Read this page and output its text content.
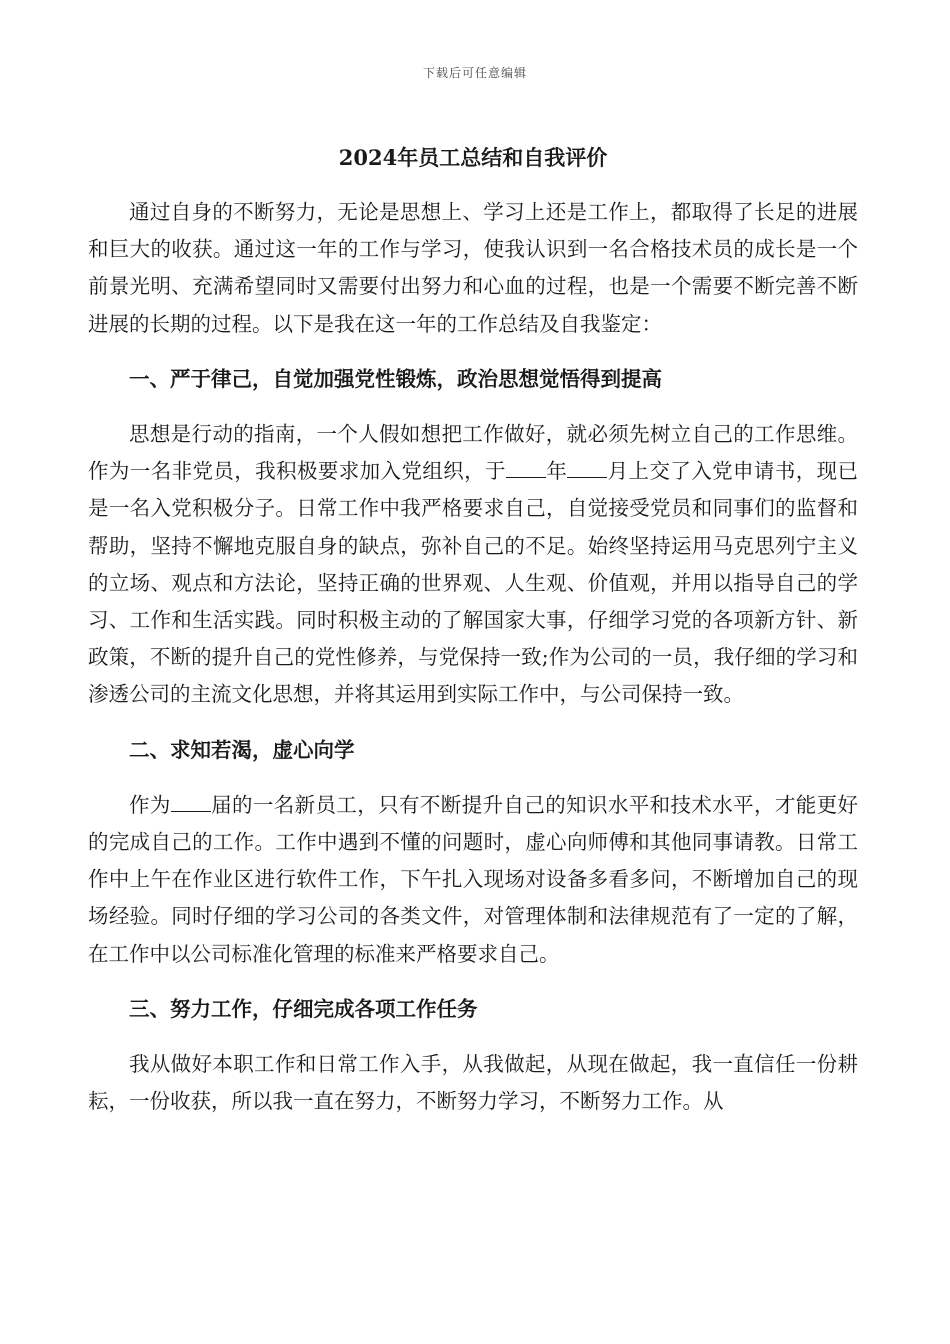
下载后可任意编辑
2024年员工总结和自我评价

通过自身的不断努力，无论是思想上、学习上还是工作上，都取得了长足的进展和巨大的收获。通过这一年的工作与学习，使我认识到一名合格技术员的成长是一个前景光明、充满希望同时又需要付出努力和心血的过程，也是一个需要不断完善不断进展的长期的过程。以下是我在这一年的工作总结及自我鉴定：

一、严于律己，自觉加强党性锻炼，政治思想觉悟得到提高

思想是行动的指南，一个人假如想把工作做好，就必须先树立自己的工作思维。作为一名非党员，我积极要求加入党组织，于 年 月上交了入党申请书，现已是一名入党积极分子。日常工作中我严格要求自己，自觉接受党员和同事们的监督和帮助，坚持不懈地克服自身的缺点，弥补自己的不足。始终坚持运用马克思列宁主义的立场、观点和方法论，坚持正确的世界观、人生观、价值观，并用以指导自己的学习、工作和生活实践。同时积极主动的了解国家大事，仔细学习党的各项新方针、新政策，不断的提升自己的党性修养，与党保持一致;作为公司的一员，我仔细的学习和渗透公司的主流文化思想，并将其运用到实际工作中，与公司保持一致。

二、求知若渴，虚心向学

作为 届的一名新员工，只有不断提升自己的知识水平和技术水平，才能更好的完成自己的工作。工作中遇到不懂的问题时，虚心向师傅和其他同事请教。日常工作中上午在作业区进行软件工作，下午扎入现场对设备多看多问，不断增加自己的现场经验。同时仔细的学习公司的各类文件，对管理体制和法律规范有了一定的了解，在工作中以公司标准化管理的标准来严格要求自己。

三、努力工作，仔细完成各项工作任务

我从做好本职工作和日常工作入手，从我做起，从现在做起，我一直信任一份耕耘，一份收获，所以我一直在努力，不断努力学习，不断努力工作。从
